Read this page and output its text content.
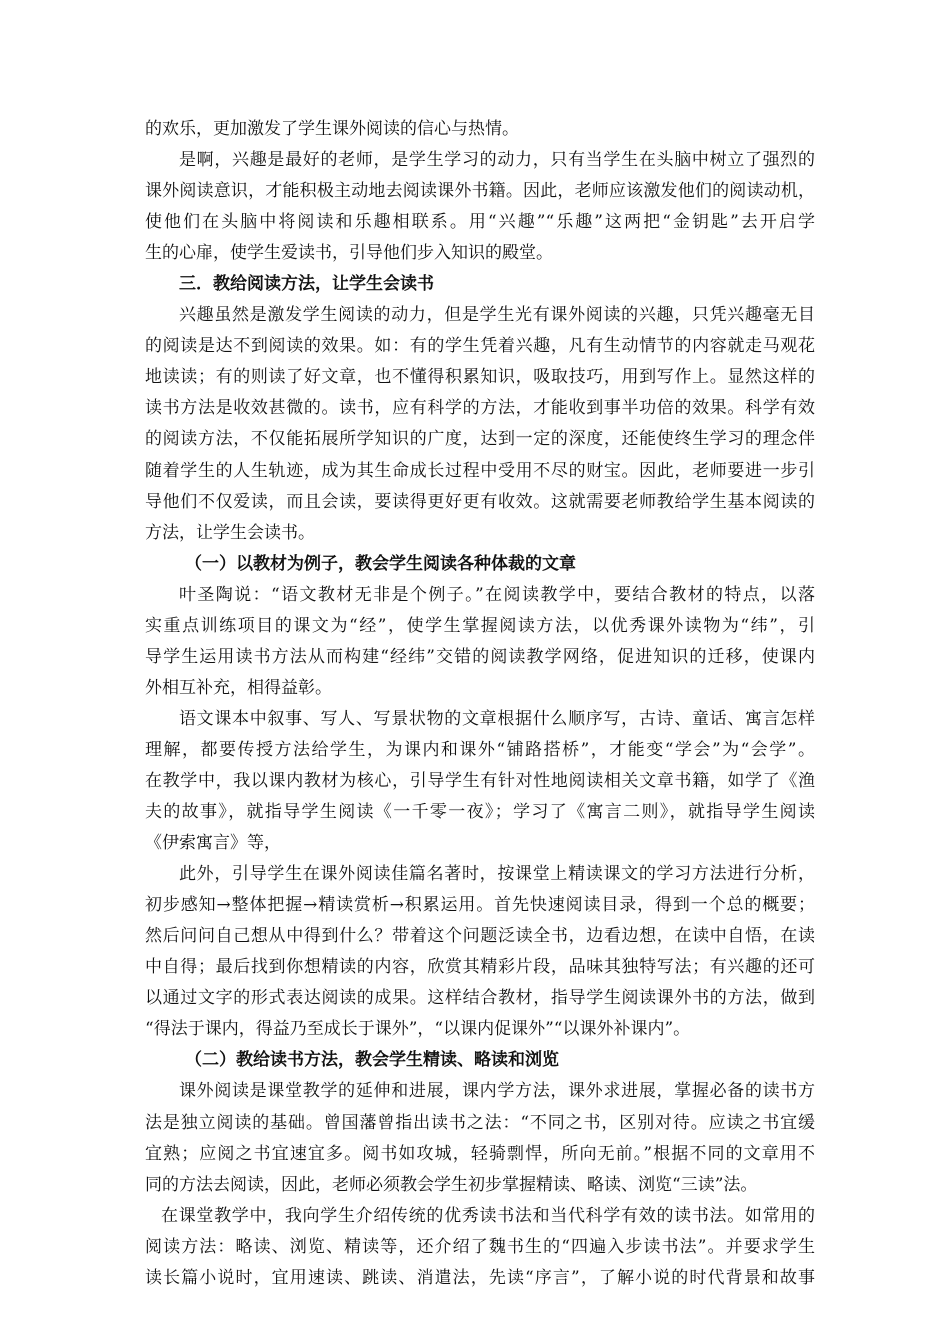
的欢乐，更加激发了学生课外阅读的信心与热情。
是啊，兴趣是最好的老师，是学生学习的动力，只有当学生在头脑中树立了强烈的
课外阅读意识，才能积极主动地去阅读课外书籍。因此，老师应该激发他们的阅读动机，
使他们在头脑中将阅读和乐趣相联系。用“兴趣”“乐趣”这两把“金钥匙”去开启学
生的心扉，使学生爱读书，引导他们步入知识的殿堂。
三．教给阅读方法，让学生会读书
兴趣虽然是激发学生阅读的动力，但是学生光有课外阅读的兴趣，只凭兴趣毫无目
的阅读是达不到阅读的效果。如：有的学生凭着兴趣，凡有生动情节的内容就走马观花
地读读；有的则读了好文章，也不懂得积累知识，吸取技巧，用到写作上。显然这样的
读书方法是收效甚微的。读书，应有科学的方法，才能收到事半功倍的效果。科学有效
的阅读方法，不仅能拓展所学知识的广度，达到一定的深度，还能使终生学习的理念伴
随着学生的人生轨迹，成为其生命成长过程中受用不尽的财宝。因此，老师要进一步引
导他们不仅爱读，而且会读，要读得更好更有收效。这就需要老师教给学生基本阅读的
方法，让学生会读书。
（一）以教材为例子，教会学生阅读各种体裁的文章
叶圣陶说：“语文教材无非是个例子。”在阅读教学中，要结合教材的特点，以落
实重点训练项目的课文为“经”，使学生掌握阅读方法，以优秀课外读物为“纬”，引
导学生运用读书方法从而构建“经纬”交错的阅读教学网络，促进知识的迁移，使课内
外相互补充，相得益彰。
语文课本中叙事、写人、写景状物的文章根据什么顺序写，古诗、童话、寓言怎样
理解，都要传授方法给学生，为课内和课外“铺路搭桥”，才能变“学会”为“会学”。
在教学中，我以课内教材为核心，引导学生有针对性地阅读相关文章书籍，如学了《渔
夫的故事》，就指导学生阅读《一千零一夜》；学习了《寓言二则》，就指导学生阅读
《伊索寓言》等，
此外，引导学生在课外阅读佳篇名著时，按课堂上精读课文的学习方法进行分析，
初步感知→整体把握→精读赏析→积累运用。首先快速阅读目录，得到一个总的概要；
然后问问自己想从中得到什么？带着这个问题泛读全书，边看边想，在读中自悟，在读
中自得；最后找到你想精读的内容，欣赏其精彩片段，品味其独特写法；有兴趣的还可
以通过文字的形式表达阅读的成果。这样结合教材，指导学生阅读课外书的方法，做到
“得法于课内，得益乃至成长于课外”，“以课内促课外”“以课外补课内”。
（二）教给读书方法，教会学生精读、略读和浏览
课外阅读是课堂教学的延伸和进展，课内学方法，课外求进展，掌握必备的读书方
法是独立阅读的基础。曾国藩曾指出读书之法：“不同之书，区别对待。应读之书宜缓
宜熟；应阅之书宜速宜多。阅书如攻城，轻骑剽悍，所向无前。”根据不同的文章用不
同的方法去阅读，因此，老师必须教会学生初步掌握精读、略读、浏览“三读”法。
在课堂教学中，我向学生介绍传统的优秀读书法和当代科学有效的读书法。如常用的
阅读方法：略读、浏览、精读等，还介绍了魏书生的“四遍入步读书法”。并要求学生
读长篇小说时，宜用速读、跳读、消遣法，先读“序言”，了解小说的时代背景和故事
